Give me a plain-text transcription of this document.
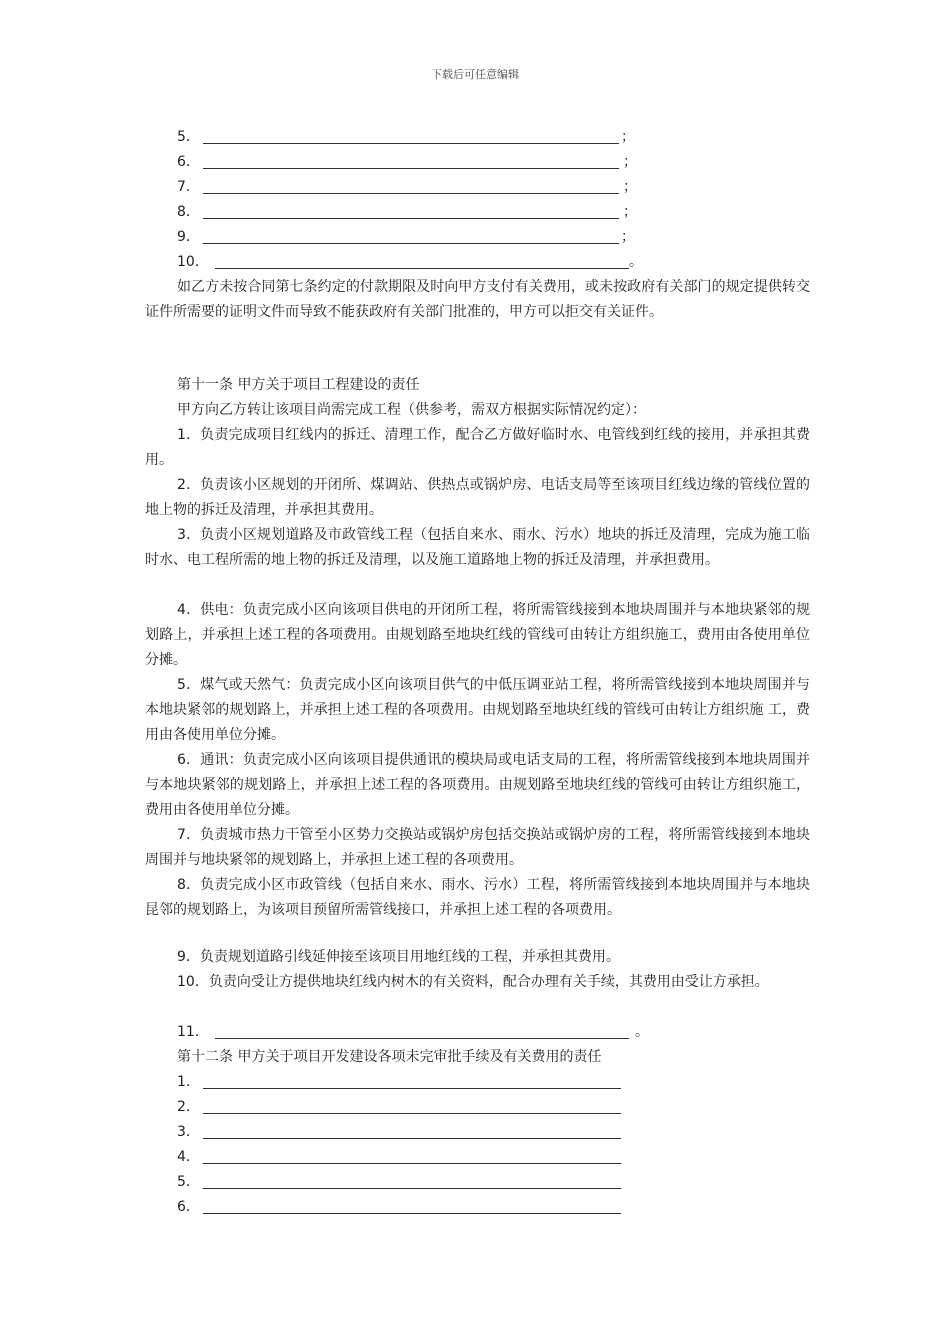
下载后可任意编辑
5．	；
6．	；
7．	；
8．	；
9．	；
10．	。
如乙方未按合同第七条约定的付款期限及时向甲方支付有关费用，或未按政府有关部门的规定提供转交证件所需要的证明文件而导致不能获政府有关部门批准的，甲方可以拒交有关证件。
第十一条 甲方关于项目工程建设的责任
甲方向乙方转让该项目尚需完成工程（供参考，需双方根据实际情况约定）：
1．负责完成项目红线内的拆迁、清理工作，配合乙方做好临时水、电管线到红线的接用，并承担其费用。
2．负责该小区规划的开闭所、煤调站、供热点或锅炉房、电话支局等至该项目红线边缘的管线位置的地上物的拆迁及清理，并承担其费用。
3．负责小区规划道路及市政管线工程（包括自来水、雨水、污水）地块的拆迁及清理，完成为施工临时水、电工程所需的地上物的拆迁及清理，以及施工道路地上物的拆迁及清理，并承担费用。
4．供电：负责完成小区向该项目供电的开闭所工程，将所需管线接到本地块周围并与本地块紧邻的规划路上，并承担上述工程的各项费用。由规划路至地块红线的管线可由转让方组织施工，费用由各使用单位分摊。
5．煤气或天然气：负责完成小区向该项目供气的中低压调亚站工程，将所需管线接到本地块周围并与本地块紧邻的规划路上，并承担上述工程的各项费用。由规划路至地块红线的管线可由转让方组织施 工，费用由各使用单位分摊。
6．通讯：负责完成小区向该项目提供通讯的模块局或电话支局的工程，将所需管线接到本地块周围并与本地块紧邻的规划路上，并承担上述工程的各项费用。由规划路至地块红线的管线可由转让方组织施工，费用由各使用单位分摊。
7．负责城市热力干管至小区势力交换站或锅炉房包括交换站或锅炉房的工程，将所需管线接到本地块周围并与地块紧邻的规划路上，并承担上述工程的各项费用。
8．负责完成小区市政管线（包括自来水、雨水、污水）工程，将所需管线接到本地块周围并与本地块昆邻的规划路上，为该项目预留所需管线接口，并承担上述工程的各项费用。
9．负责规划道路引线延伸接至该项目用地红线的工程，并承担其费用。
10．负责向受让方提供地块红线内树木的有关资料，配合办理有关手续，其费用由受让方承担。
11．	。
第十二条 甲方关于项目开发建设各项未完审批手续及有关费用的责任
1．
2．
3．
4．
5．
6．
